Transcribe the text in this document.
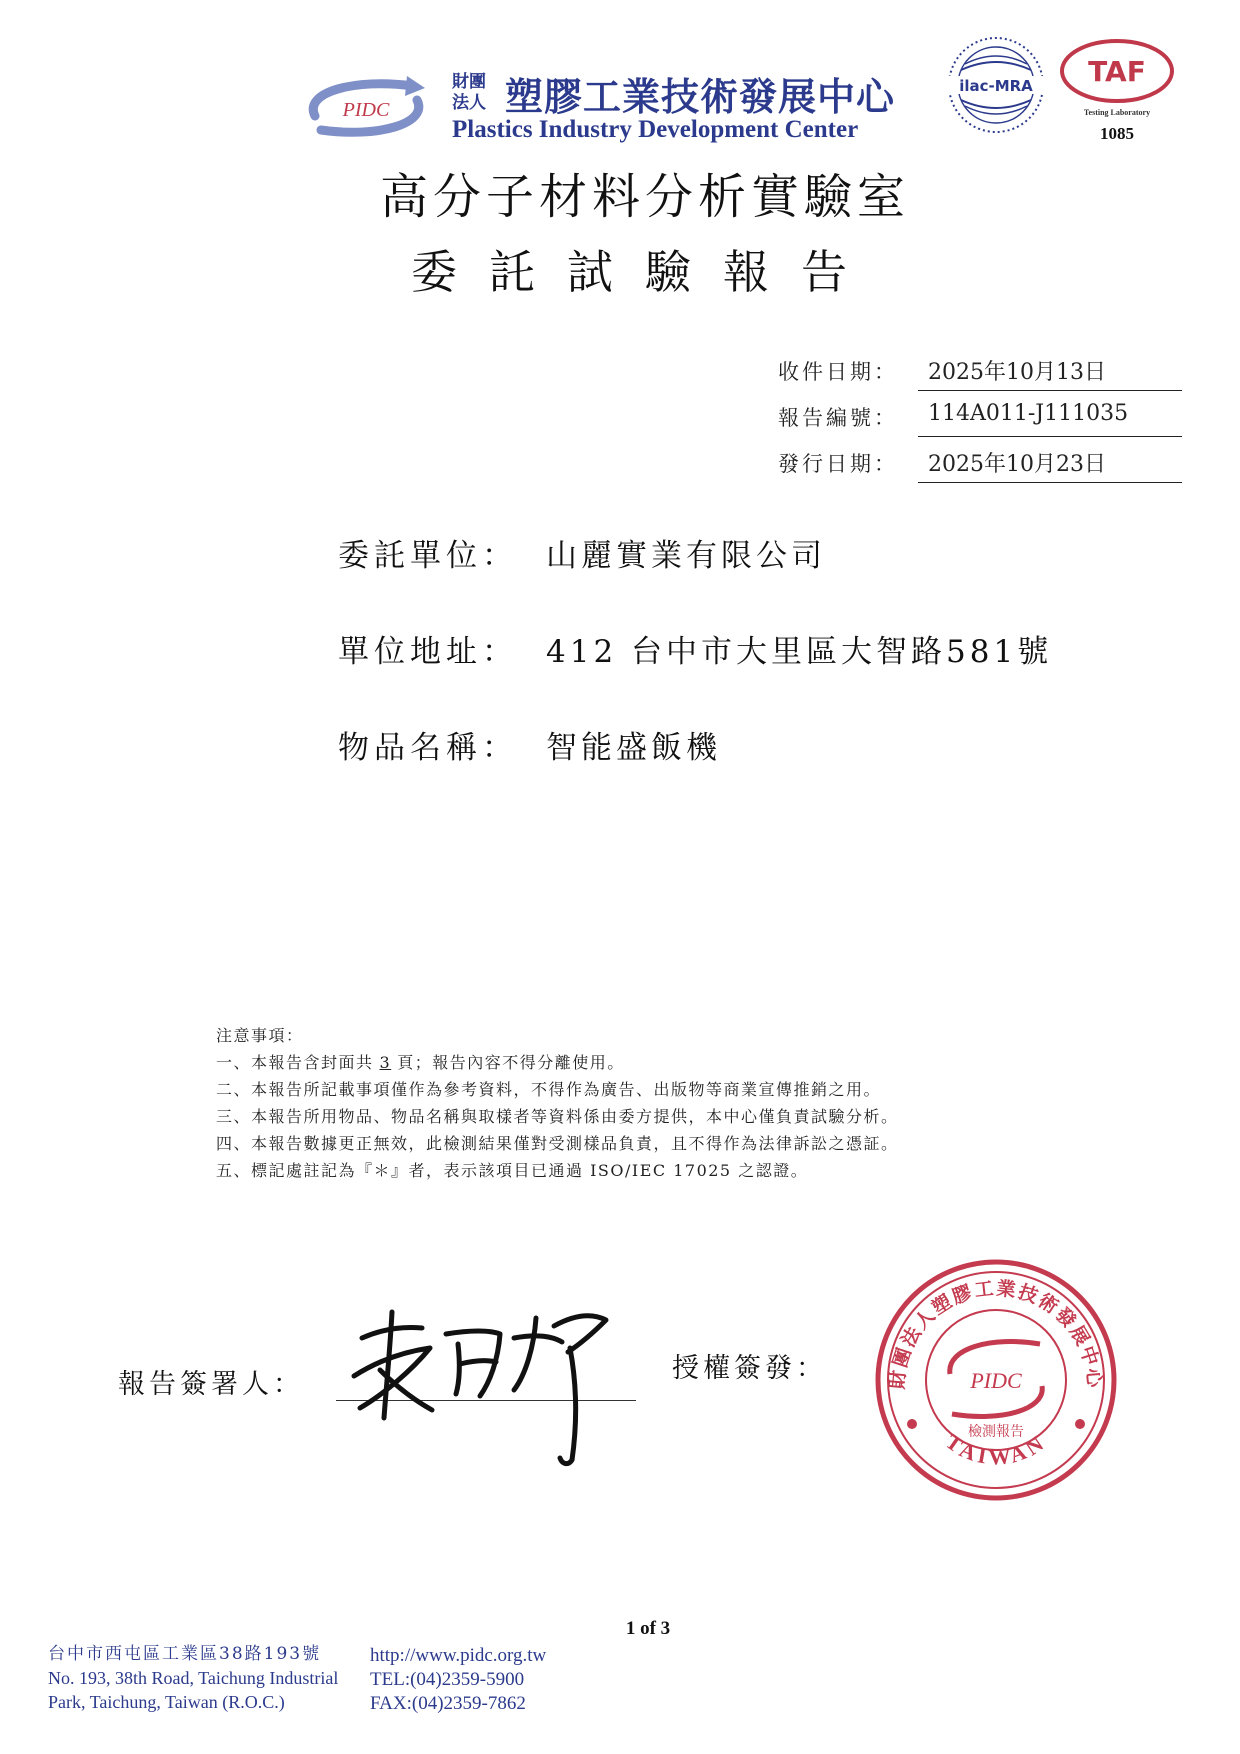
PIDC
財團
法人 塑膠工業技術發展中心
Plastics Industry Development Center
ilac-MRA TAF
Testing Laboratory
1085
高分子材料分析實驗室
委託試驗報告
收件日期：	2025年10月13日
報告編號：	114A011-J111035
發行日期：	2025年10月23日
委託單位： 山麗實業有限公司
單位地址： 412 台中市大里區大智路581號
物品名稱： 智能盛飯機
注意事項：
一、本報告含封面共 3 頁；報告內容不得分離使用。
二、本報告所記載事項僅作為參考資料，不得作為廣告、出版物等商業宣傳推銷之用。
三、本報告所用物品、物品名稱與取樣者等資料係由委方提供，本中心僅負責試驗分析。
四、本報告數據更正無效，此檢測結果僅對受測樣品負責，且不得作為法律訴訟之憑証。
五、標記處註記為『＊』者，表示該項目已通過 ISO/IEC 17025 之認證。
報告簽署人：
授權簽發：	財團法人塑膠工業技術發展中心
TAIWAN
PIDC
檢測報告
1 of 3
台中市西屯區工業區38路193號
No. 193, 38th Road, Taichung Industrial
Park, Taichung, Taiwan (R.O.C.)
http://www.pidc.org.tw
TEL:(04)2359-5900
FAX:(04)2359-7862
